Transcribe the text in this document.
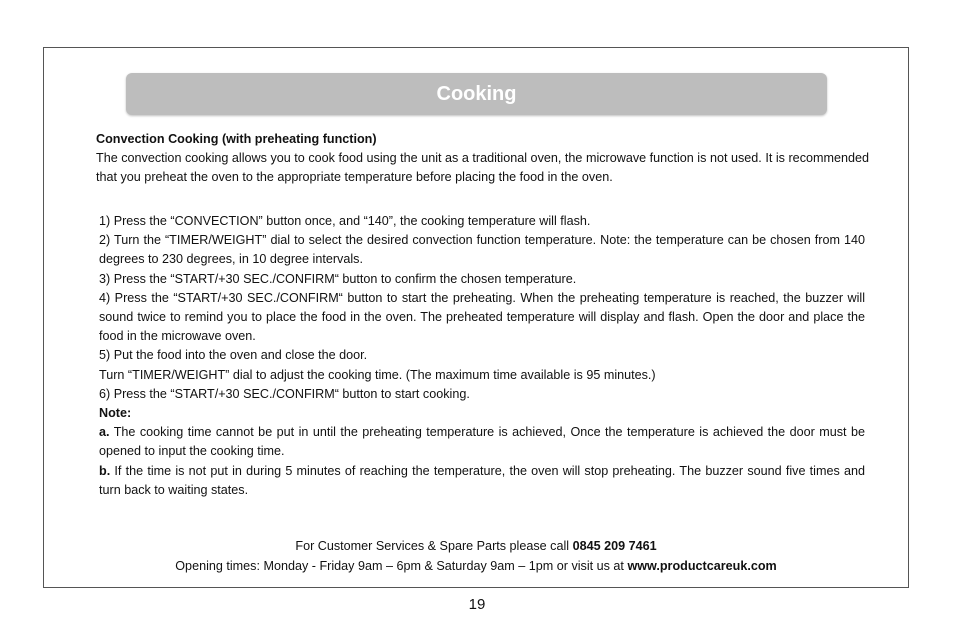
Cooking
Convection Cooking (with preheating function)

The convection cooking allows you to cook food using the unit as a traditional oven, the microwave function is not used. It is recommended that you preheat the oven to the appropriate temperature before placing the food in the oven.

1) Press the “CONVECTION” button once, and “140”, the cooking temperature will flash.

2) Turn the “TIMER/WEIGHT” dial to select the desired convection function temperature. Note: the temperature can be chosen from 140 degrees to 230 degrees, in 10 degree intervals.

3) Press the “START/+30 SEC./CONFIRM“ button to confirm the chosen temperature.

4) Press the “START/+30 SEC./CONFIRM“ button to start the preheating. When the preheating temperature is reached, the buzzer will sound twice to remind you to place the food in the oven. The preheated temperature will display and flash. Open the door and place the food in the microwave oven.

5) Put the food into the oven and close the door.

Turn “TIMER/WEIGHT” dial to adjust the cooking time. (The maximum time available is 95 minutes.)

6) Press the “START/+30 SEC./CONFIRM“ button to start cooking.

Note:

a. The cooking time cannot be put in until the preheating temperature is achieved, Once the temperature is achieved the door must be opened to input the cooking time.

b. If the time is not put in during 5 minutes of reaching the temperature, the oven will stop preheating. The buzzer sound five times and turn back to waiting states.

For Customer Services & Spare Parts please call 0845 209 7461
Opening times: Monday - Friday 9am – 6pm & Saturday 9am – 1pm or visit us at www.productcareuk.com
19
